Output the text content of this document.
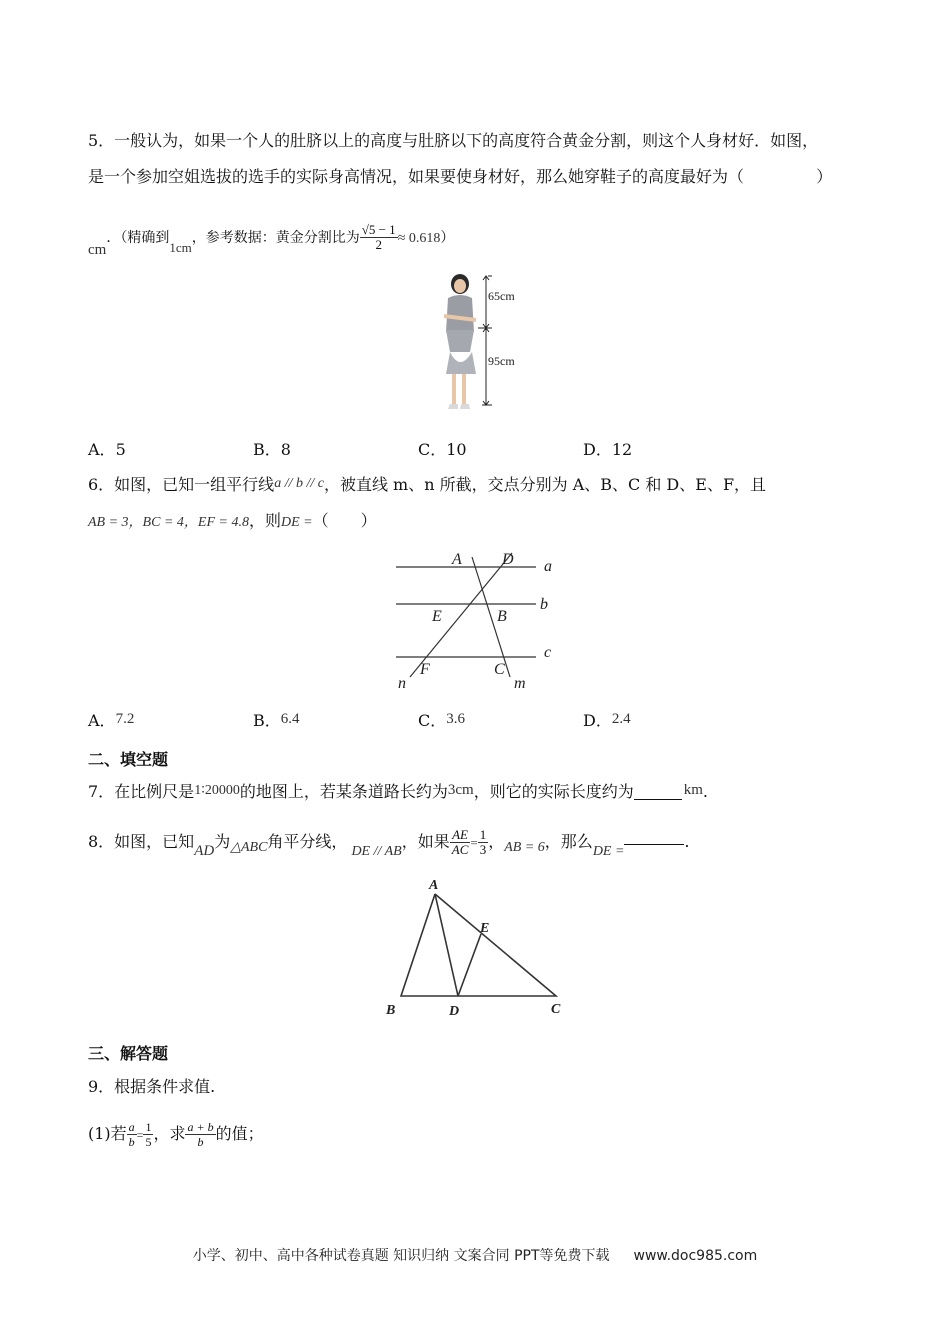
5．一般认为，如果一个人的肚脐以上的高度与肚脐以下的高度符合黄金分割，则这个人身材好．如图，
是一个参加空姐选拔的选手的实际身高情况，如果要使身材好，那么她穿鞋子的高度最好为（	）
cm．（精确到$_{1cm}$，参考数据：黄金分割比为 $\frac{√5 - 1}{2} \approx 0.618$）
65cm
95cm
A．5	B．8	C．10	D．12
6．如图，已知一组平行线a // b // c，被直线 m、n 所截，交点分别为 A、B、C 和 D、E、F，且
AB = 3，BC = 4，EF = 4.8，则DE =（　　）
A	D a
E	B
b
F	C
c
n	m
A．7.2	B．6.4	C．3.6	D．2.4
二、填空题
7．在比例尺是1∶20000的地图上，若某条道路长约为3cm，则它的实际长度约为	km.
8．如图，已知AD为△ABC角平分线，DE // AB，如果 $\frac{AE}{AC} = \frac{1}{3}$ ，AB = 6，那么DE =.
A
E
B	D	C
三、解答题
9．根据条件求值.
(1)若 $\frac{a}{b} = \frac{1}{5}$ ，求 $\frac{a + b}{b}$ 的值；
小学、初中、高中各种试卷真题 知识归纳 文案合同 PPT等免费下载 www.doc985.com
